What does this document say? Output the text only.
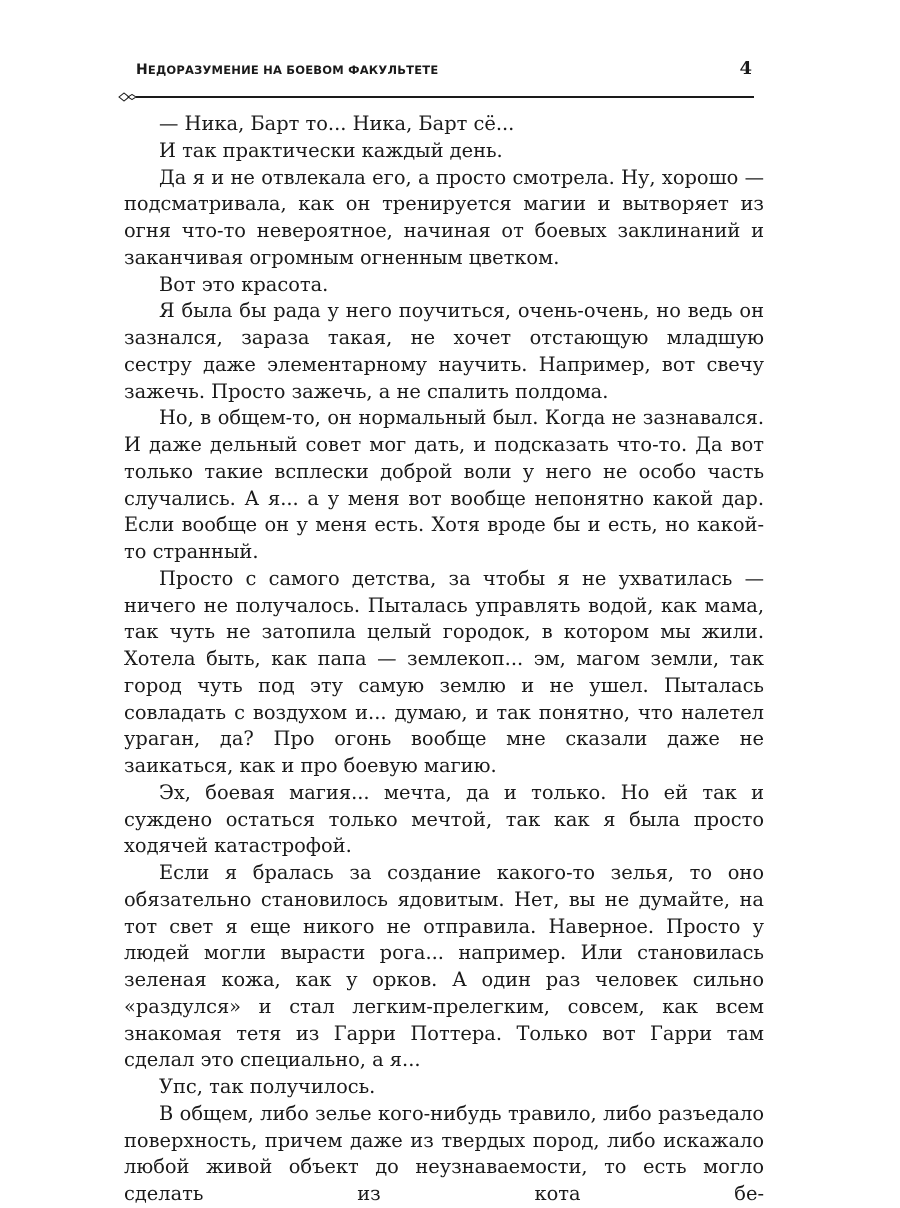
НЕДОРАЗУМЕНИЕ НА БОЕВОМ ФАКУЛЬТЕТЕ	4

— Ника, Барт то... Ника, Барт сё...

И так практически каждый день.

Да я и не отвлекала его, а просто смотрела. Ну, хорошо — подсматривала, как он тренируется магии и вытворяет из огня что-то невероятное, начиная от боевых заклинаний и заканчивая огромным огненным цветком.

Вот это красота.

Я была бы рада у него поучиться, очень-очень, но ведь он зазнался, зараза такая, не хочет отстающую младшую сестру даже элементарному научить. Например, вот свечу зажечь. Просто зажечь, а не спалить полдома.

Но, в общем-то, он нормальный был. Когда не зазнавался. И даже дельный совет мог дать, и подсказать что-то. Да вот только такие всплески доброй воли у него не особо часть случались. А я... а у меня вот вообще непонятно какой дар. Если вообще он у меня есть. Хотя вроде бы и есть, но какой-то странный.

Просто с самого детства, за чтобы я не ухватилась — ничего не получалось. Пыталась управлять водой, как мама, так чуть не затопила целый городок, в котором мы жили. Хотела быть, как папа — землекоп... эм, магом земли, так город чуть под эту самую землю и не ушел. Пыталась совладать с воздухом и... думаю, и так понятно, что налетел ураган, да? Про огонь вообще мне сказали даже не заикаться, как и про боевую магию.

Эх, боевая магия... мечта, да и только. Но ей так и суждено остаться только мечтой, так как я была просто ходячей катастрофой.

Если я бралась за создание какого-то зелья, то оно обязательно становилось ядовитым. Нет, вы не думайте, на тот свет я еще никого не отправила. Наверное. Просто у людей могли вырасти рога... например. Или становилась зеленая кожа, как у орков. А один раз человек сильно «раздулся» и стал легким-прелегким, совсем, как всем знакомая тетя из Гарри Поттера. Только вот Гарри там сделал это специально, а я...

Упс, так получилось.

В общем, либо зелье кого-нибудь травило, либо разъедало поверхность, причем даже из твердых пород, либо искажало любой живой объект до неузнаваемости, то есть могло сделать из кота бе-
